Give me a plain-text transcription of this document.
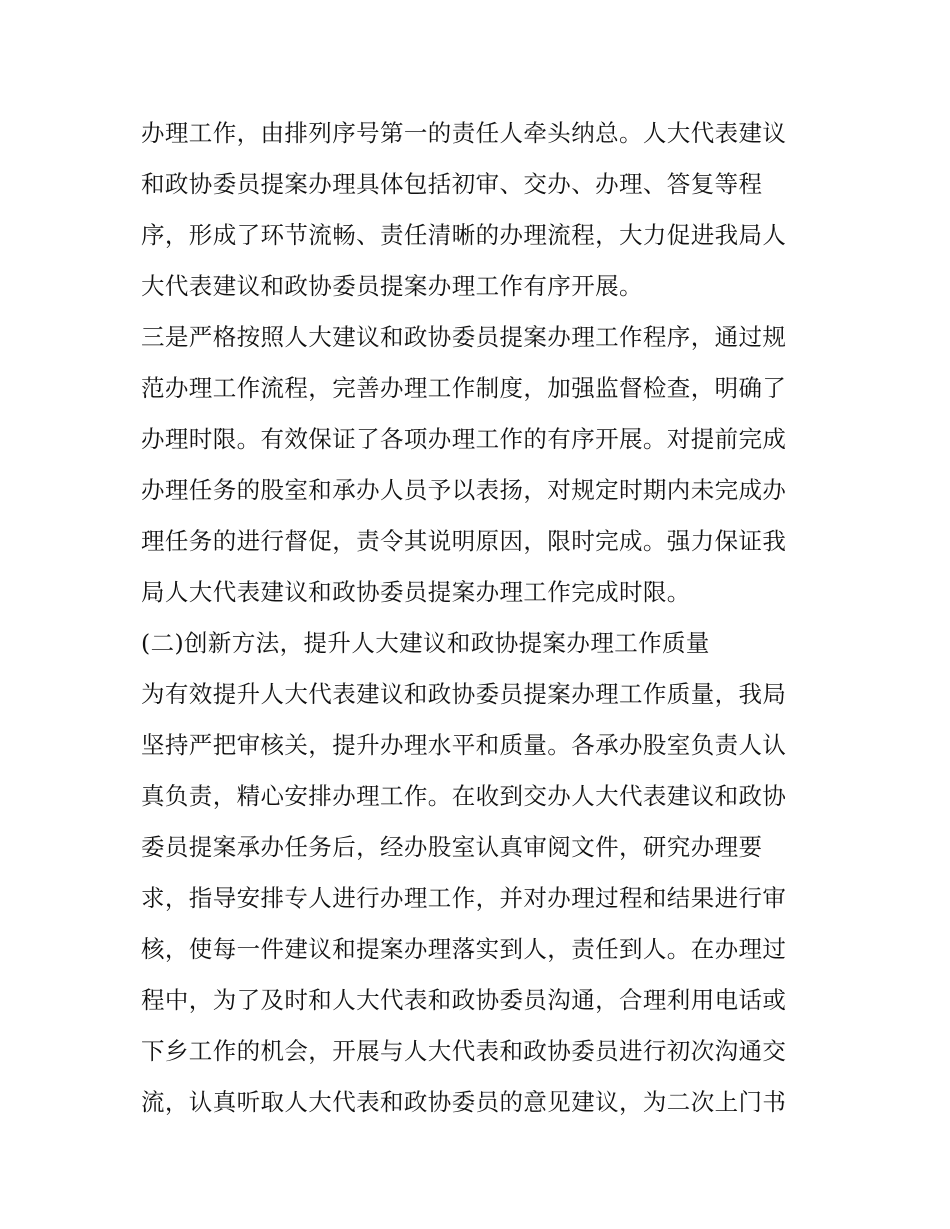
办理工作，由排列序号第一的责任人牵头纳总。人大代表建议
和政协委员提案办理具体包括初审、交办、办理、答复等程
序，形成了环节流畅、责任清晰的办理流程，大力促进我局人
大代表建议和政协委员提案办理工作有序开展。
三是严格按照人大建议和政协委员提案办理工作程序，通过规
范办理工作流程，完善办理工作制度，加强监督检查，明确了
办理时限。有效保证了各项办理工作的有序开展。对提前完成
办理任务的股室和承办人员予以表扬，对规定时期内未完成办
理任务的进行督促，责令其说明原因，限时完成。强力保证我
局人大代表建议和政协委员提案办理工作完成时限。
(二)创新方法，提升人大建议和政协提案办理工作质量
为有效提升人大代表建议和政协委员提案办理工作质量，我局
坚持严把审核关，提升办理水平和质量。各承办股室负责人认
真负责，精心安排办理工作。在收到交办人大代表建议和政协
委员提案承办任务后，经办股室认真审阅文件，研究办理要
求，指导安排专人进行办理工作，并对办理过程和结果进行审
核，使每一件建议和提案办理落实到人，责任到人。在办理过
程中，为了及时和人大代表和政协委员沟通，合理利用电话或
下乡工作的机会，开展与人大代表和政协委员进行初次沟通交
流，认真听取人大代表和政协委员的意见建议，为二次上门书
